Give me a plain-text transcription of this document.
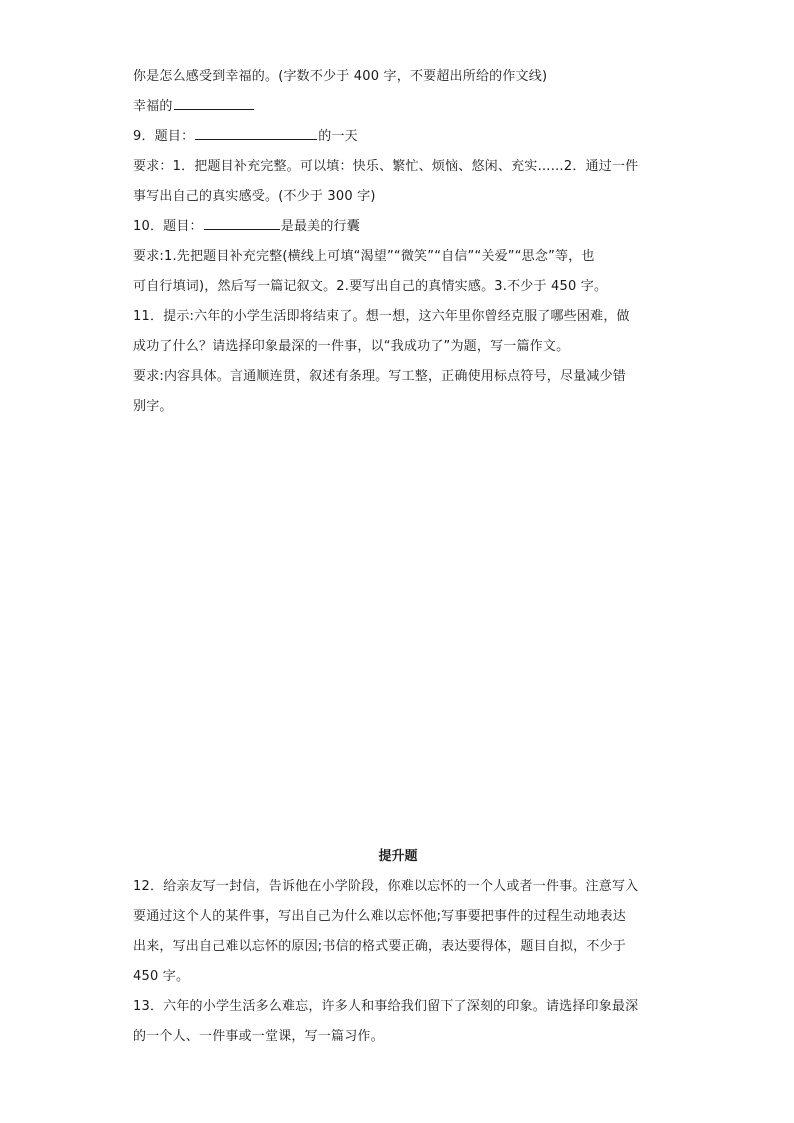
你是怎么感受到幸福的。(字数不少于 400 字，不要超出所给的作文线)
幸福的
9．题目：	的一天
要求：1．把题目补充完整。可以填：快乐、繁忙、烦恼、悠闲、充实……2．通过一件
事写出自己的真实感受。(不少于 300 字)
10．题目：	是最美的行囊
要求:1.先把题目补充完整(横线上可填“渴望”“微笑”“自信”“关爱”“思念”等，也
可自行填词)，然后写一篇记叙文。2.要写出自己的真情实感。3.不少于 450 字。
11．提示:六年的小学生活即将结束了。想一想，这六年里你曾经克服了哪些困难，做
成功了什么？请选择印象最深的一件事，以“我成功了”为题，写一篇作文。
要求:内容具体。言通顺连贯，叙述有条理。写工整，正确使用标点符号，尽量减少错
别字。
提升题
12．给亲友写一封信，告诉他在小学阶段，你难以忘怀的一个人或者一件事。注意写入
要通过这个人的某件事，写出自己为什么难以忘怀他;写事要把事件的过程生动地表达
出来，写出自己难以忘怀的原因;书信的格式要正确，表达要得体，题目自拟，不少于
450 字。
13．六年的小学生活多么难忘，许多人和事给我们留下了深刻的印象。请选择印象最深
的一个人、一件事或一堂课，写一篇习作。
